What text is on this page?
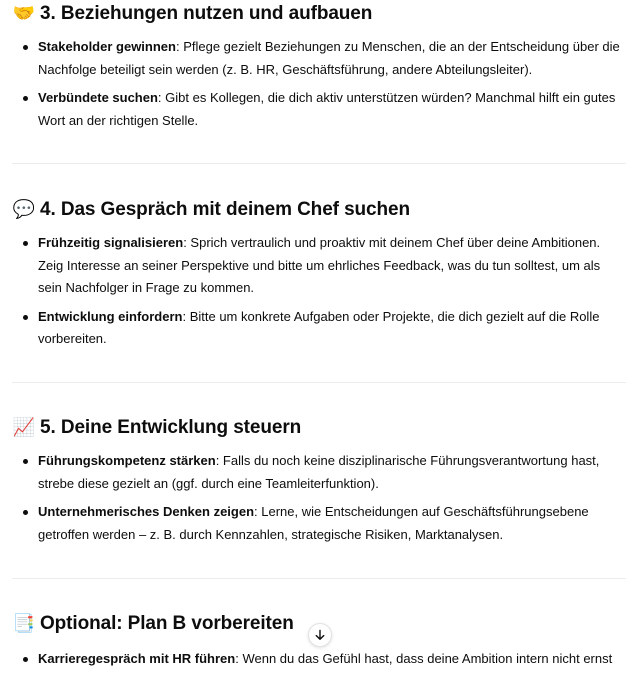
🤝 3. Beziehungen nutzen und aufbauen
Stakeholder gewinnen: Pflege gezielt Beziehungen zu Menschen, die an der Entscheidung über die Nachfolge beteiligt sein werden (z. B. HR, Geschäftsführung, andere Abteilungsleiter).
Verbündete suchen: Gibt es Kollegen, die dich aktiv unterstützen würden? Manchmal hilft ein gutes Wort an der richtigen Stelle.
💬 4. Das Gespräch mit deinem Chef suchen
Frühzeitig signalisieren: Sprich vertraulich und proaktiv mit deinem Chef über deine Ambitionen. Zeig Interesse an seiner Perspektive und bitte um ehrliches Feedback, was du tun solltest, um als sein Nachfolger in Frage zu kommen.
Entwicklung einfordern: Bitte um konkrete Aufgaben oder Projekte, die dich gezielt auf die Rolle vorbereiten.
📈 5. Deine Entwicklung steuern
Führungskompetenz stärken: Falls du noch keine disziplinarische Führungsverantwortung hast, strebe diese gezielt an (ggf. durch eine Teamleiterfunktion).
Unternehmerisches Denken zeigen: Lerne, wie Entscheidungen auf Geschäftsführungsebene getroffen werden – z. B. durch Kennzahlen, strategische Risiken, Marktanalysen.
📑 Optional: Plan B vorbereiten
Karrieregespräch mit HR führen: Wenn du das Gefühl hast, dass deine Ambition intern nicht ernst
